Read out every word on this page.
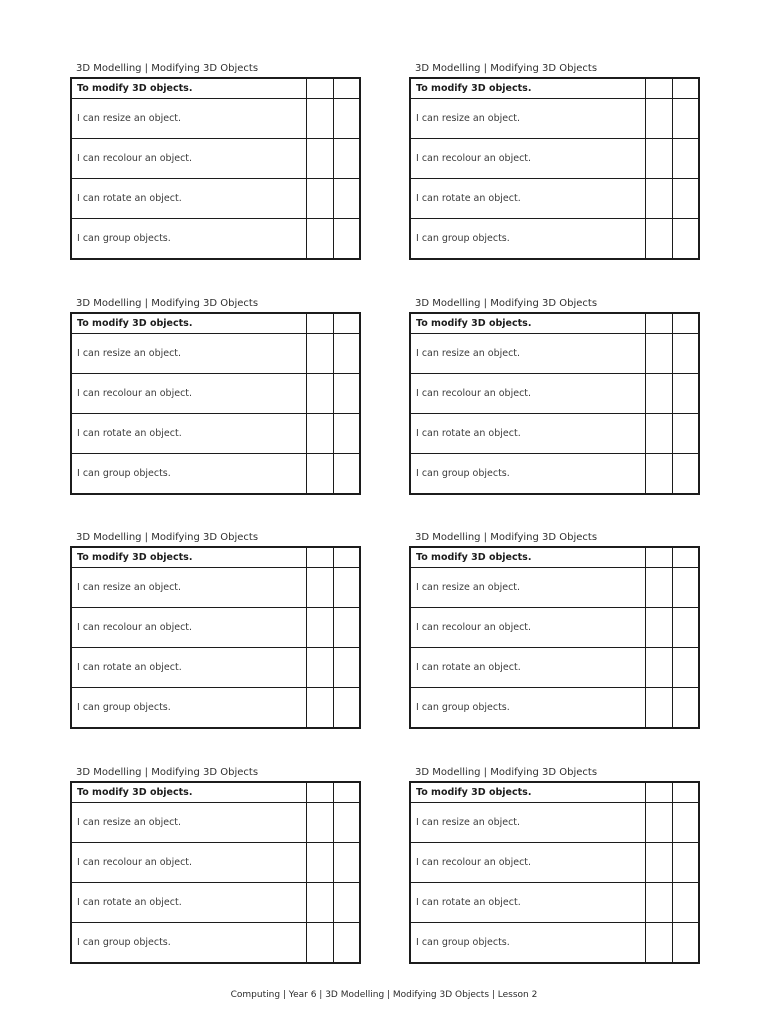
3D Modelling | Modifying 3D Objects
To modify 3D objects.		
I can resize an object.		
I can recolour an object.		
I can rotate an object.		
I can group objects.		
3D Modelling | Modifying 3D Objects
To modify 3D objects.		
I can resize an object.		
I can recolour an object.		
I can rotate an object.		
I can group objects.		
3D Modelling | Modifying 3D Objects
To modify 3D objects.		
I can resize an object.		
I can recolour an object.		
I can rotate an object.		
I can group objects.		
3D Modelling | Modifying 3D Objects
To modify 3D objects.		
I can resize an object.		
I can recolour an object.		
I can rotate an object.		
I can group objects.		
3D Modelling | Modifying 3D Objects
To modify 3D objects.		
I can resize an object.		
I can recolour an object.		
I can rotate an object.		
I can group objects.		
3D Modelling | Modifying 3D Objects
To modify 3D objects.		
I can resize an object.		
I can recolour an object.		
I can rotate an object.		
I can group objects.		
3D Modelling | Modifying 3D Objects
To modify 3D objects.		
I can resize an object.		
I can recolour an object.		
I can rotate an object.		
I can group objects.		
3D Modelling | Modifying 3D Objects
To modify 3D objects.		
I can resize an object.		
I can recolour an object.		
I can rotate an object.		
I can group objects.		
Computing | Year 6 | 3D Modelling | Modifying 3D Objects | Lesson 2
